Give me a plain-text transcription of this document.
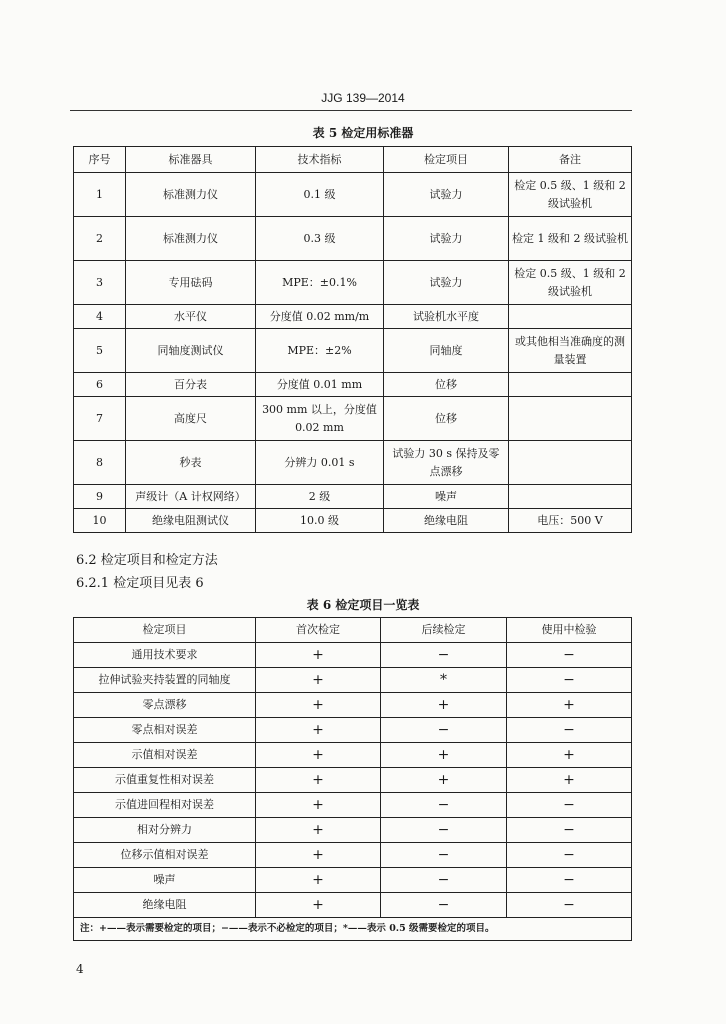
JJG 139—2014
表 5 检定用标准器
序号	标准器具	技术指标	检定项目	备注
1	标准测力仪	0.1 级	试验力	检定 0.5 级、1 级和 2 级试验机
2	标准测力仪	0.3 级	试验力	检定 1 级和 2 级试验机
3	专用砝码	MPE：±0.1%	试验力	检定 0.5 级、1 级和 2 级试验机
4	水平仪	分度值 0.02 mm/m	试验机水平度	
5	同轴度测试仪	MPE：±2%	同轴度	或其他相当准确度的测量装置
6	百分表	分度值 0.01 mm	位移	
7	高度尺	300 mm 以上，分度值 0.02 mm	位移	
8	秒表	分辨力 0.01 s	试验力 30 s 保持及零点漂移	
9	声级计（A 计权网络）	2 级	噪声	
10	绝缘电阻测试仪	10.0 级	绝缘电阻	电压：500 V
6.2 检定项目和检定方法
6.2.1 检定项目见表 6
表 6 检定项目一览表
检定项目	首次检定	后续检定	使用中检验
通用技术要求	+	−	−
拉伸试验夹持装置的同轴度	+	*	−
零点漂移	+	+	+
零点相对误差	+	−	−
示值相对误差	+	+	+
示值重复性相对误差	+	+	+
示值进回程相对误差	+	−	−
相对分辨力	+	−	−
位移示值相对误差	+	−	−
噪声	+	−	−
绝缘电阻	+	−	−
注：+——表示需要检定的项目；−——表示不必检定的项目；*——表示 0.5 级需要检定的项目。			
4
